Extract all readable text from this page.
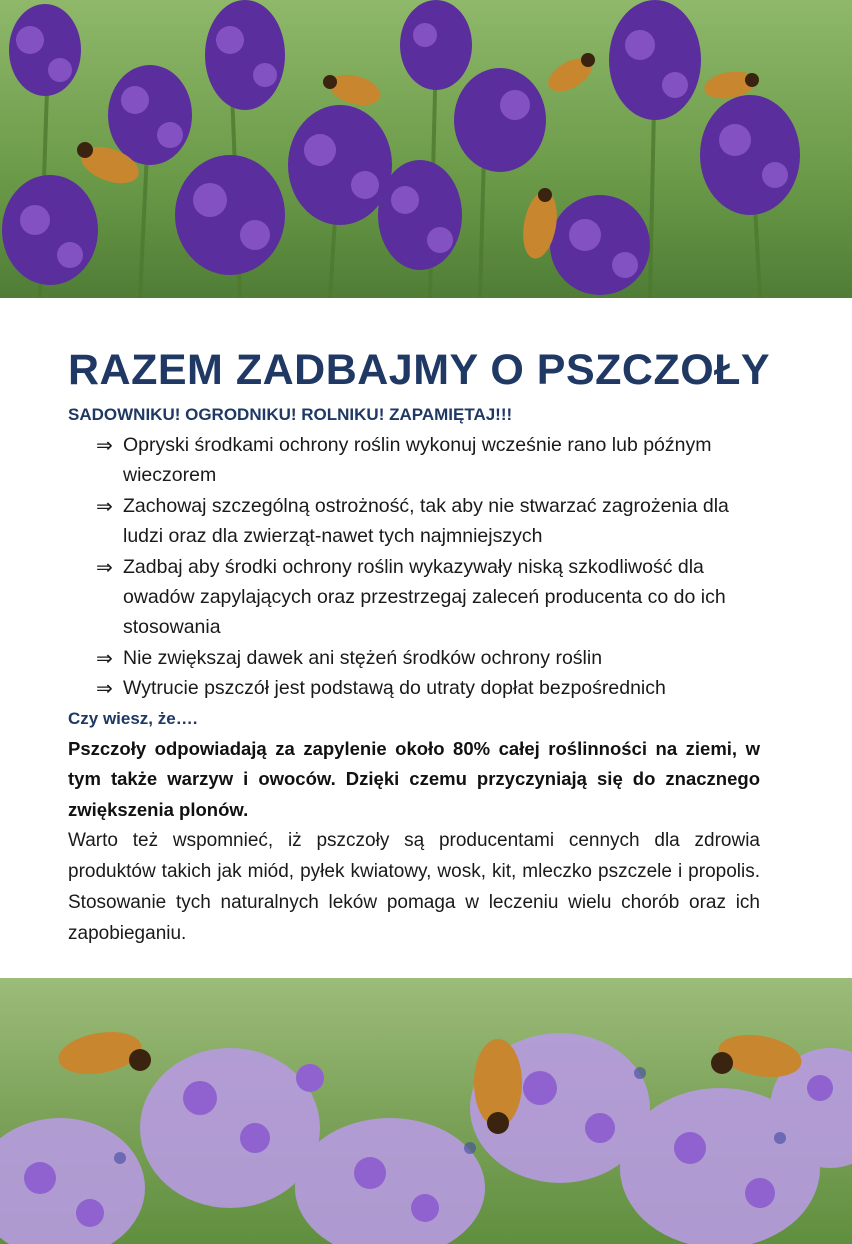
RAZEM ZADBAJMY O PSZCZOŁY

SADOWNIKU! OGRODNIKU! ROLNIKU! ZAPAMIĘTAJ!!!

⇒ Opryski środkami ochrony roślin wykonuj wcześnie rano lub późnym wieczorem
⇒ Zachowaj szczególną ostrożność, tak aby nie stwarzać zagrożenia dla ludzi oraz dla zwierząt-nawet tych najmniejszych
⇒ Zadbaj aby środki ochrony roślin wykazywały niską szkodliwość dla owadów zapylających oraz przestrzegaj zaleceń producenta co do ich stosowania
⇒ Nie zwiększaj dawek ani stężeń środków ochrony roślin
⇒ Wytrucie pszczół jest podstawą do utraty dopłat bezpośrednich

Czy wiesz, że….

Pszczoły odpowiadają za zapylenie około 80% całej roślinności na ziemi, w tym także warzyw i owoców. Dzięki czemu przyczyniają się do znacznego zwiększenia plonów.

Warto też wspomnieć, iż pszczoły są producentami cennych dla zdrowia produktów takich jak miód, pyłek kwiatowy, wosk, kit, mleczko pszczele i propolis. Stosowanie tych naturalnych leków pomaga w leczeniu wielu chorób oraz ich zapobieganiu.
